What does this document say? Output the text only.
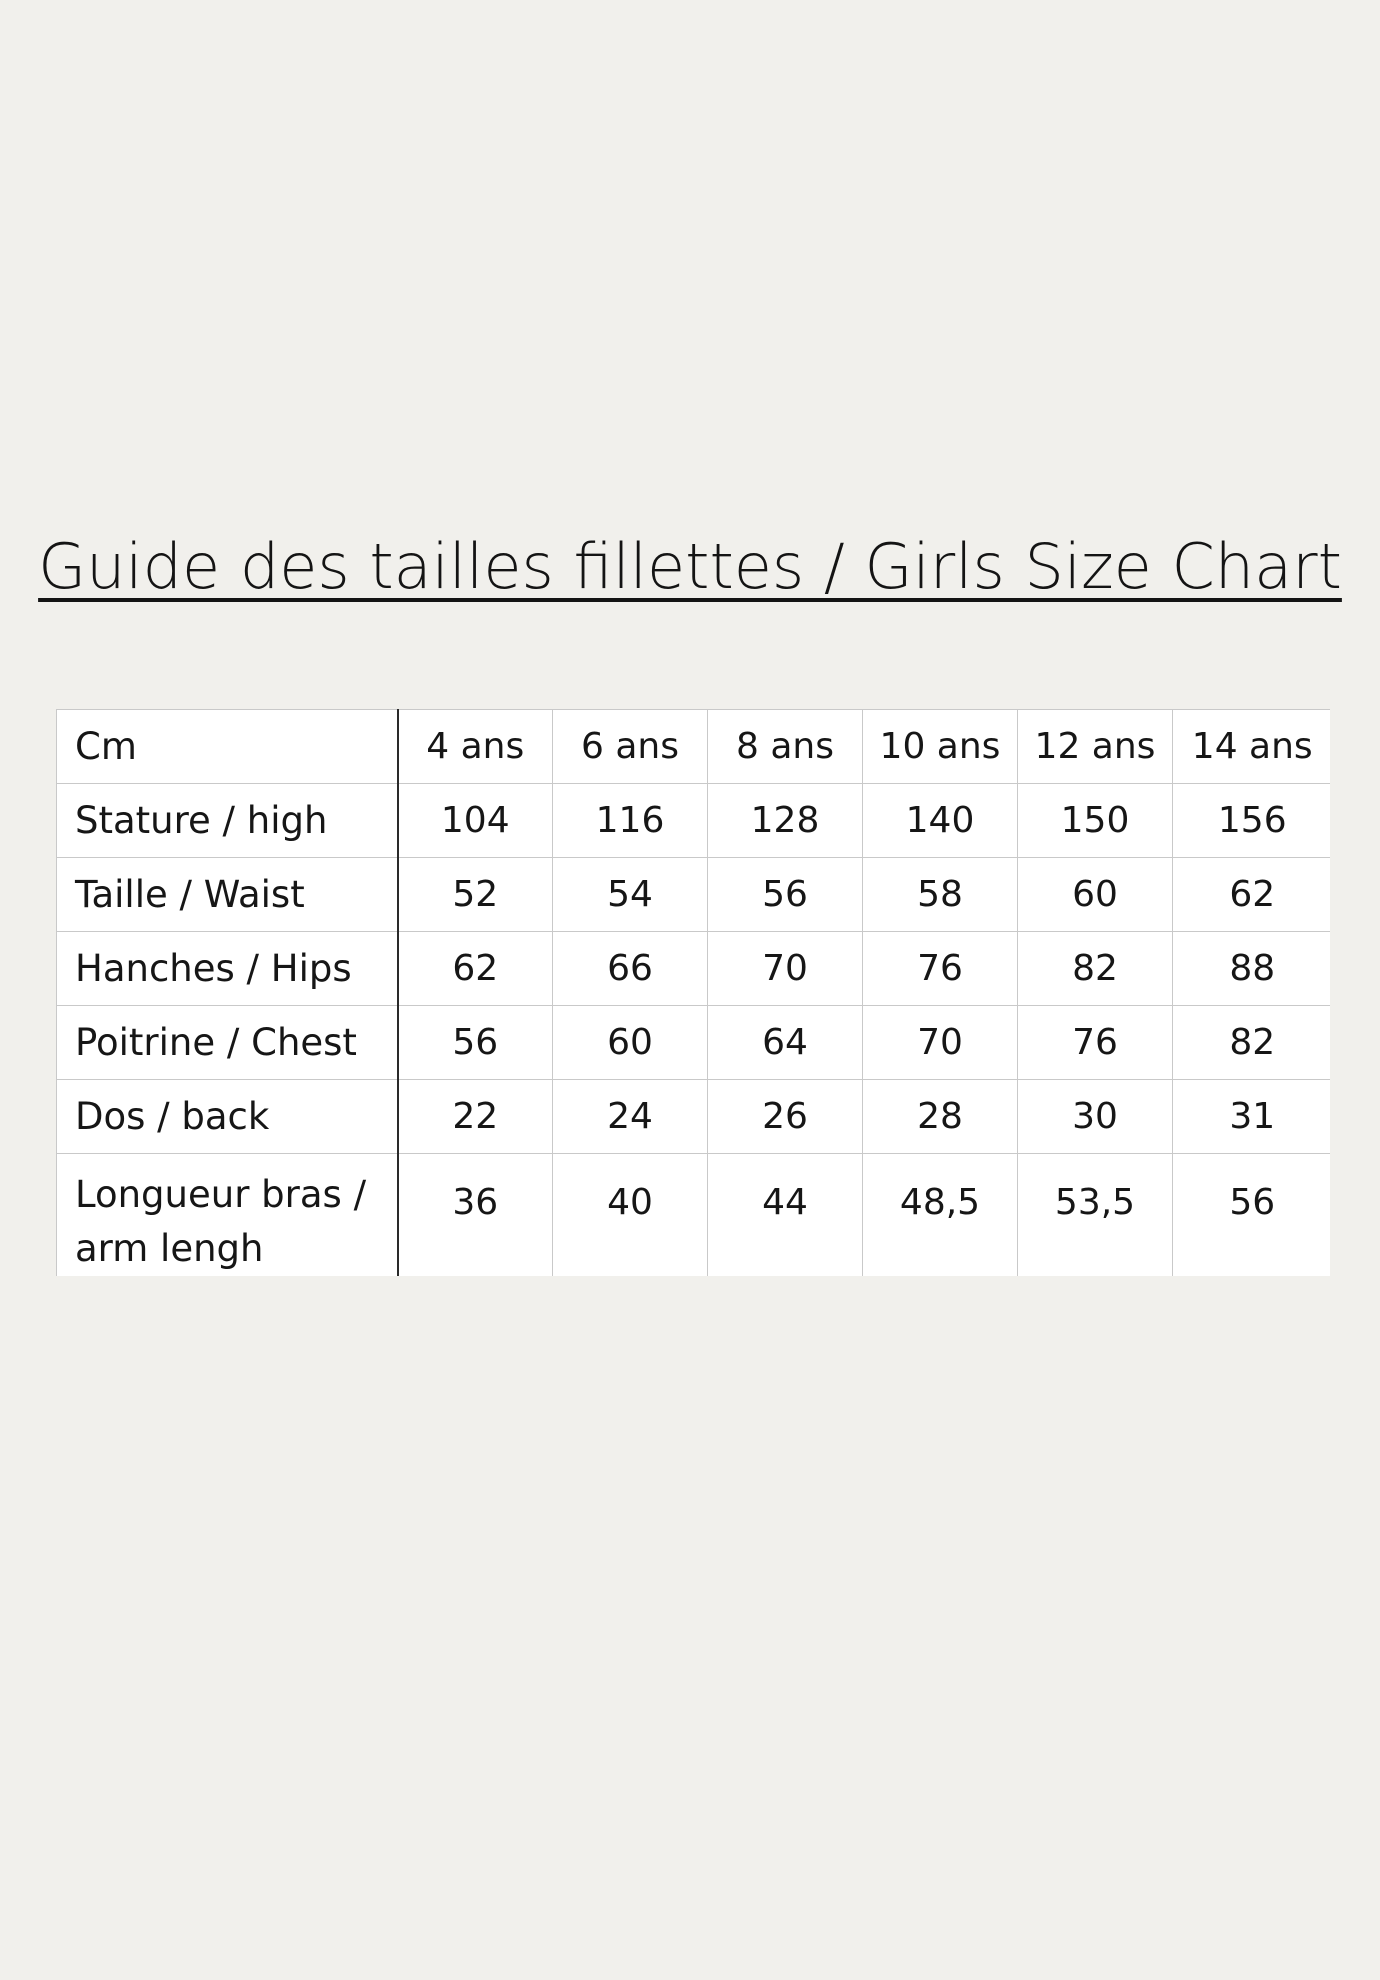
Guide des tailles fillettes / Girls Size Chart
Cm	4 ans	6 ans	8 ans	10 ans	12 ans	14 ans
Stature / high	104	116	128	140	150	156
Taille / Waist	52	54	56	58	60	62
Hanches / Hips	62	66	70	76	82	88
Poitrine / Chest	56	60	64	70	76	82
Dos / back	22	24	26	28	30	31
Longueur bras / arm lengh	36	40	44	48,5	53,5	56
